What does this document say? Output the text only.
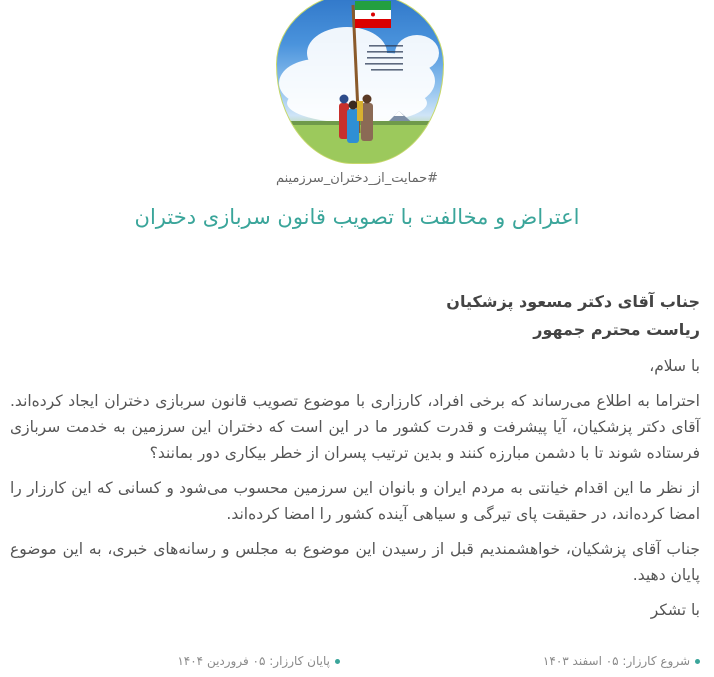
#حمایت_از_دختران_سرزمینم
اعتراض و مخالفت با تصویب قانون سربازی دختران
جناب آقای دکتر مسعود پزشکیان
ریاست محترم جمهور

با سلام،

احتراما به اطلاع می‌رساند که برخی افراد، کارزاری با موضوع تصویب قانون سربازی دختران ایجاد کرده‌اند. آقای دکتر پزشکیان، آیا پیشرفت و قدرت کشور ما در این است که دختران این سرزمین به خدمت سربازی فرستاده شوند تا با دشمن مبارزه کنند و بدین ترتیب پسران از خطر بیکاری دور بمانند؟

از نظر ما این اقدام خیانتی به مردم ایران و بانوان این سرزمین محسوب می‌شود و کسانی که این کارزار را امضا کرده‌اند، در حقیقت پای تیرگی و سیاهی آینده کشور را امضا کرده‌اند.

جناب آقای پزشکیان، خواهشمندیم قبل از رسیدن این موضوع به مجلس و رسانه‌های خبری، به این موضوع پایان دهید.

با تشکر

شروع کارزار: ۰۵ اسفند ۱۴۰۳
پایان کارزار: ۰۵ فروردین ۱۴۰۴
